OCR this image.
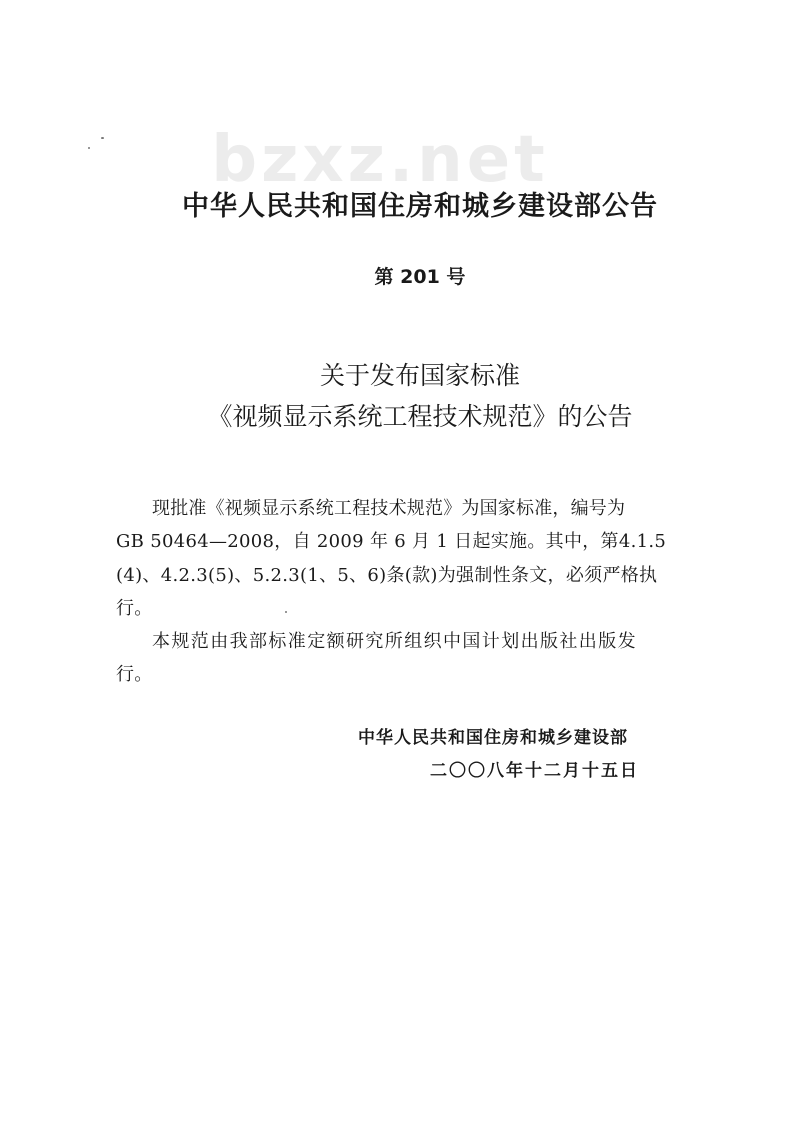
bzxz.net
中华人民共和国住房和城乡建设部公告
第 201 号
关于发布国家标准
《视频显示系统工程技术规范》的公告
现批准《视频显示系统工程技术规范》为国家标准，编号为
GB 50464—2008，自 2009 年 6 月 1 日起实施。其中，第4.1.5
(4)、4.2.3(5)、5.2.3(1、5、6)条(款)为强制性条文，必须严格执
行。
本规范由我部标准定额研究所组织中国计划出版社出版发
行。
中华人民共和国住房和城乡建设部
二〇〇八年十二月十五日
